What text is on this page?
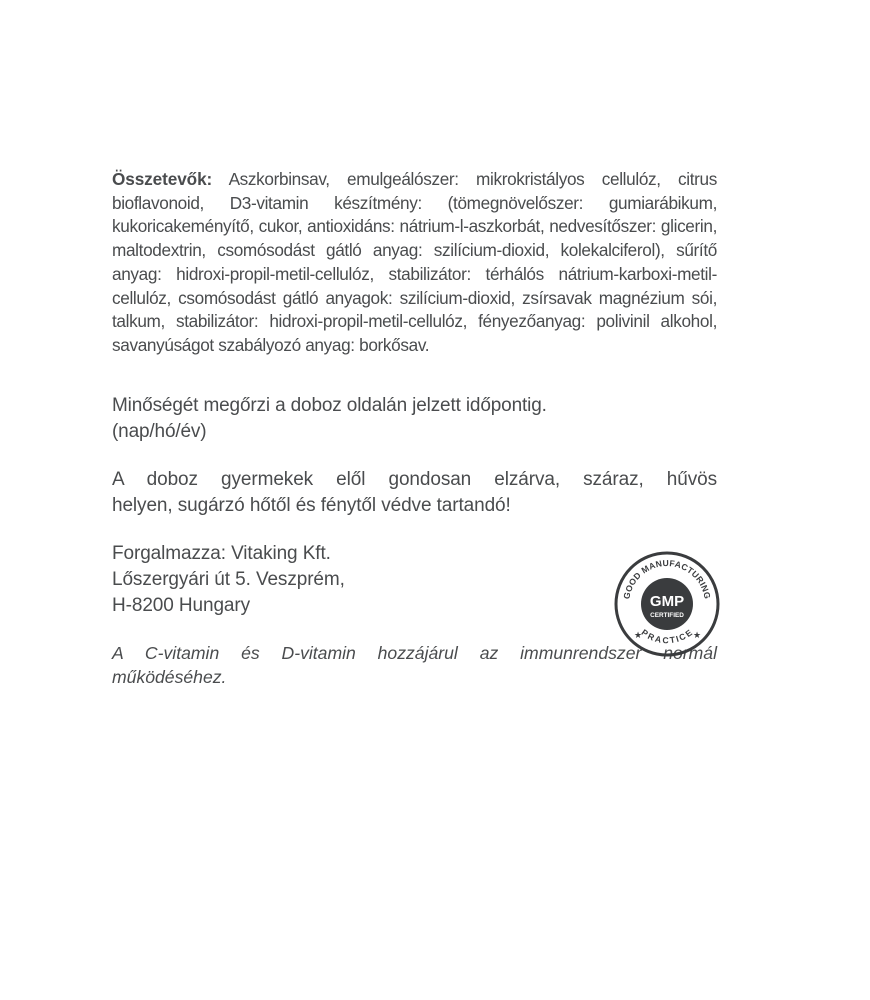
Összetevők: Aszkorbinsav, emulgeálószer: mikrokristályos cellulóz, citrus bioflavonoid, D3-vitamin készítmény: (tömegnövelőszer: gumiarábikum, kukoricakeményítő, cukor, antioxidáns: nátrium-l-aszkorbát, nedvesítőszer: glicerin, maltodextrin, csomósodást gátló anyag: szilícium-dioxid, kolekalciferol), sűrítő anyag: hidroxi-propil-metil-cellulóz, stabilizátor: térhálós nátrium-karboxi-metil-cellulóz, csomósodást gátló anyagok: szilícium-dioxid, zsírsavak magnézium sói, talkum, stabilizátor: hidroxi-propil-metil-cellulóz, fényezőanyag: polivinil alkohol, savanyúságot szabályozó anyag: borkősav.

Minőségét megőrzi a doboz oldalán jelzett időpontig.
(nap/hó/év)

A doboz gyermekek elől gondosan elzárva, száraz, hűvös
helyen, sugárzó hőtől és fénytől védve tartandó!

Forgalmazza: Vitaking Kft.
Lőszergyári út 5. Veszprém,
H-8200 Hungary

A C-vitamin és D-vitamin hozzájárul az immunrendszer normál
működéséhez.

GOOD MANUFACTURING
PRACTICE
★	★
GMP
CERTIFIED
